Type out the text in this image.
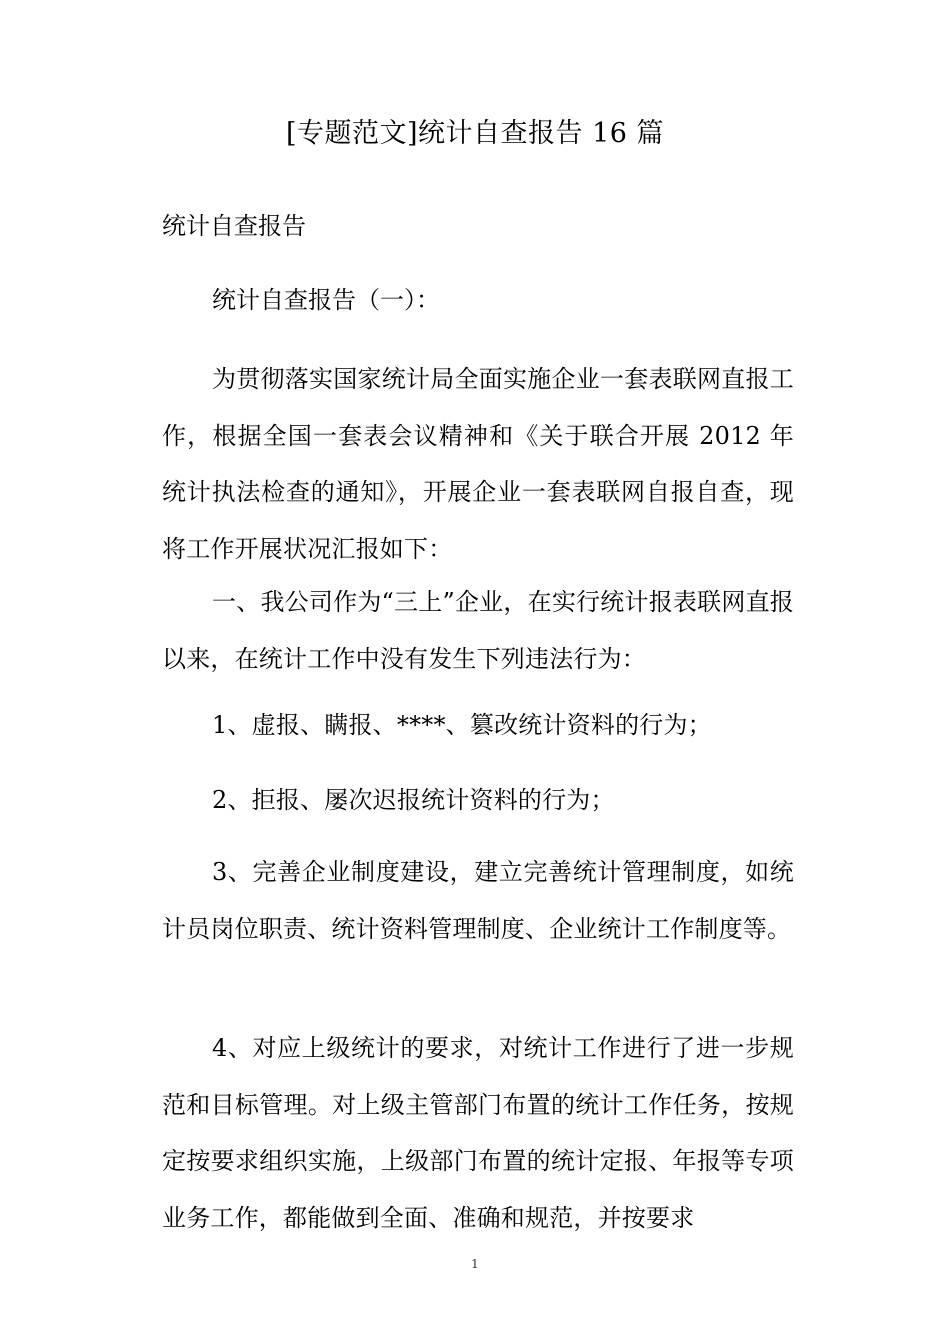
[专题范文]统计自查报告 16 篇
统计自查报告
统计自查报告（一）：

为贯彻落实国家统计局全面实施企业一套表联网直报工作，根据全国一套表会议精神和《关于联合开展 2012 年统计执法检查的通知》，开展企业一套表联网自报自查，现将工作开展状况汇报如下：

一、我公司作为“三上”企业，在实行统计报表联网直报以来，在统计工作中没有发生下列违法行为：

1、虚报、瞒报、****、篡改统计资料的行为；

2、拒报、屡次迟报统计资料的行为；

3、完善企业制度建设，建立完善统计管理制度，如统计员岗位职责、统计资料管理制度、企业统计工作制度等。

4、对应上级统计的要求，对统计工作进行了进一步规范和目标管理。对上级主管部门布置的统计工作任务，按规定按要求组织实施，上级部门布置的统计定报、年报等专项业务工作，都能做到全面、准确和规范，并按要求

1
